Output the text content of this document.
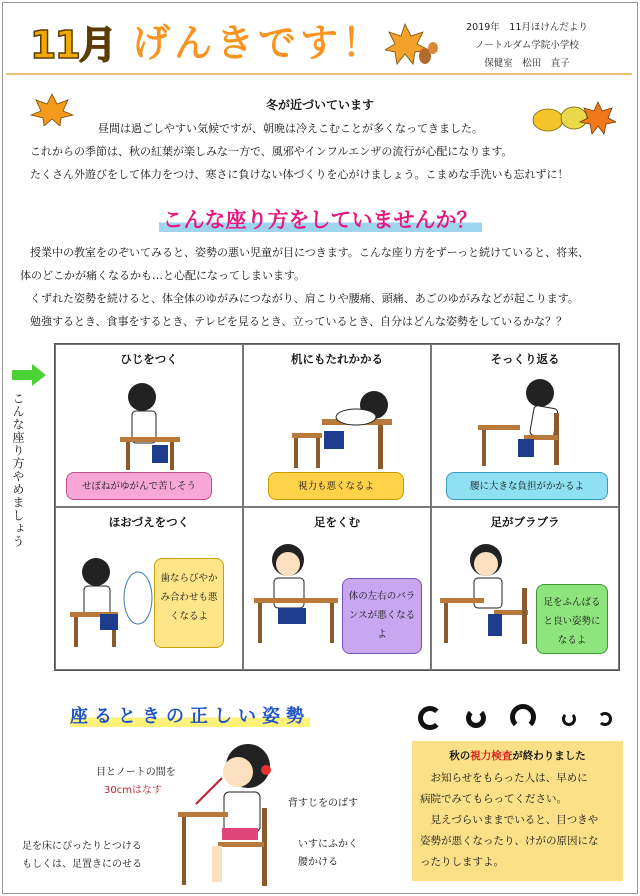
11月 げんきです！	2019年　11月ほけんだより
ノートルダム学院小学校
保健室　松田　直子
冬が近づいています
昼間は過ごしやすい気候ですが、朝晩は冷えこむことが多くなってきました。
これからの季節は、秋の紅葉が楽しみな一方で、風邪やインフルエンザの流行が心配になります。
たくさん外遊びをして体力をつけ、寒さに負けない体づくりを心がけましょう。こまめな手洗いも忘れずに！
こんな座り方をしていませんか？
授業中の教室をのぞいてみると、姿勢の悪い児童が目につきます。こんな座り方をずーっと続けていると、将来、
体のどこかが痛くなるかも…と心配になってしまいます。
くずれた姿勢を続けると、体全体のゆがみにつながり、肩こりや腰痛、頭痛、あごのゆがみなどが起こります。
勉強するとき、食事をするとき、テレビを見るとき、立っているとき、自分はどんな姿勢をしているかな？？
こんな座り方やめましょう
ひじをつく
せぼねがゆがんで苦しそう
机にもたれかかる
視力も悪くなるよ
そっくり返る
腰に大きな負担がかかるよ
ほおづえをつく
歯ならびやかみ合わせも悪くなるよ
足をくむ
体の左右のバランスが悪くなるよ
足がブラブラ
足をふんばると良い姿勢になるよ
座るときの正しい姿勢
目とノートの間を
30cmはなす
背すじをのばす
足を床にぴったりとつける
もしくは、足置きにのせる
いすにふかく
腰かける
秋の視力検査が終わりました
　お知らせをもらった人は、早めに
病院でみてもらってください。
　見えづらいままでいると、目つきや
姿勢が悪くなったり、けがの原因にな
ったりしますよ。
